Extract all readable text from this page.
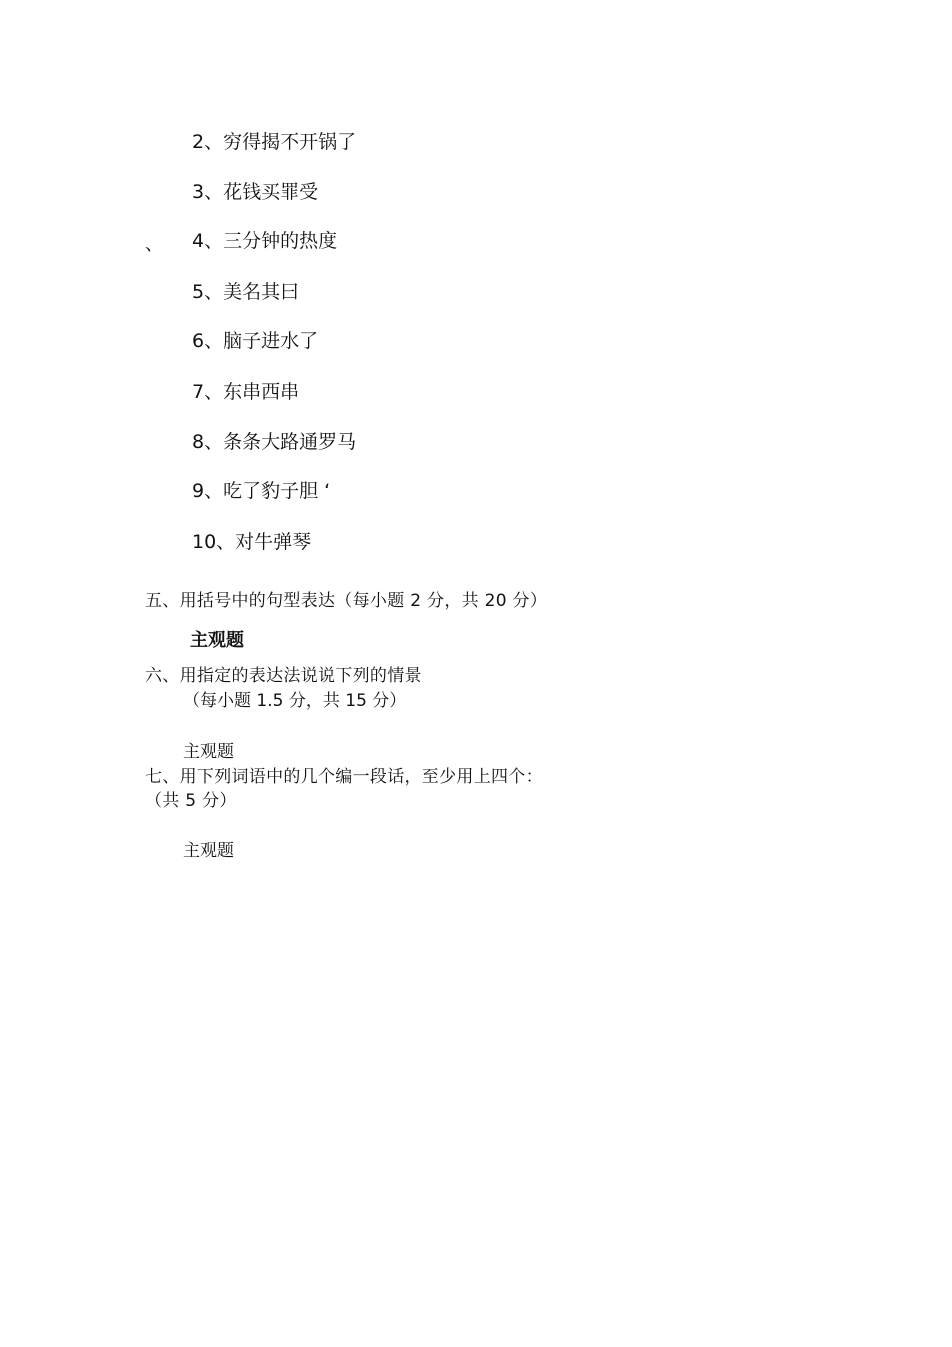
2、穷得揭不开锅了
3、花钱买罪受
、 4、三分钟的热度
5、美名其曰
6、脑子进水了
7、东串西串
8、条条大路通罗马
9、吃了豹子胆 ‘
10、对牛弹琴
五、用括号中的句型表达（每小题 2 分，共 20 分）
主观题
六、用指定的表达法说说下列的情景
（每小题 1.5 分，共 15 分）
主观题
七、用下列词语中的几个编一段话，至少用上四个：
（共 5 分）
主观题
